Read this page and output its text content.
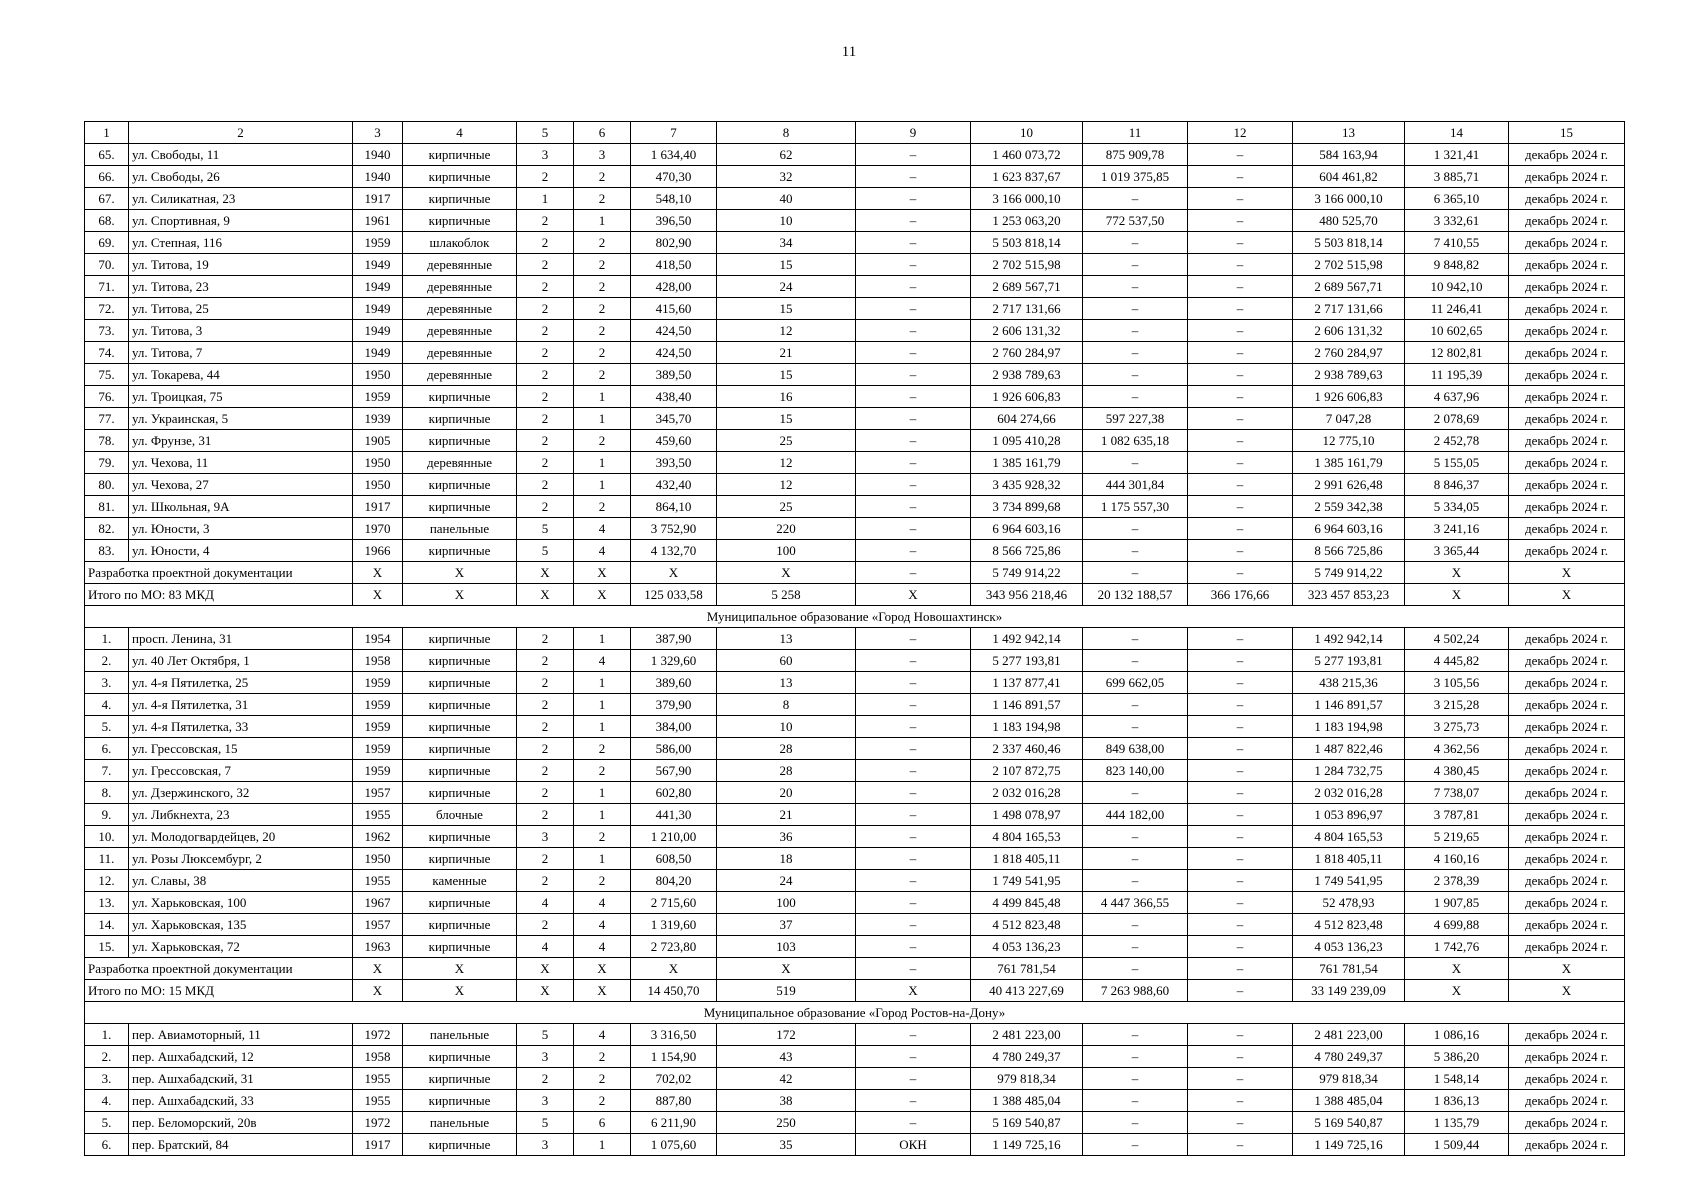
11
1	2	3	4	5	6	7	8	9	10	11	12	13	14	15
65.	ул. Свободы, 11	1940	кирпичные	3	3	1 634,40	62	–	1 460 073,72	875 909,78	–	584 163,94	1 321,41	декабрь 2024 г.
66.	ул. Свободы, 26	1940	кирпичные	2	2	470,30	32	–	1 623 837,67	1 019 375,85	–	604 461,82	3 885,71	декабрь 2024 г.
67.	ул. Силикатная, 23	1917	кирпичные	1	2	548,10	40	–	3 166 000,10	–	–	3 166 000,10	6 365,10	декабрь 2024 г.
68.	ул. Спортивная, 9	1961	кирпичные	2	1	396,50	10	–	1 253 063,20	772 537,50	–	480 525,70	3 332,61	декабрь 2024 г.
69.	ул. Степная, 116	1959	шлакоблок	2	2	802,90	34	–	5 503 818,14	–	–	5 503 818,14	7 410,55	декабрь 2024 г.
70.	ул. Титова, 19	1949	деревянные	2	2	418,50	15	–	2 702 515,98	–	–	2 702 515,98	9 848,82	декабрь 2024 г.
71.	ул. Титова, 23	1949	деревянные	2	2	428,00	24	–	2 689 567,71	–	–	2 689 567,71	10 942,10	декабрь 2024 г.
72.	ул. Титова, 25	1949	деревянные	2	2	415,60	15	–	2 717 131,66	–	–	2 717 131,66	11 246,41	декабрь 2024 г.
73.	ул. Титова, 3	1949	деревянные	2	2	424,50	12	–	2 606 131,32	–	–	2 606 131,32	10 602,65	декабрь 2024 г.
74.	ул. Титова, 7	1949	деревянные	2	2	424,50	21	–	2 760 284,97	–	–	2 760 284,97	12 802,81	декабрь 2024 г.
75.	ул. Токарева, 44	1950	деревянные	2	2	389,50	15	–	2 938 789,63	–	–	2 938 789,63	11 195,39	декабрь 2024 г.
76.	ул. Троицкая, 75	1959	кирпичные	2	1	438,40	16	–	1 926 606,83	–	–	1 926 606,83	4 637,96	декабрь 2024 г.
77.	ул. Украинская, 5	1939	кирпичные	2	1	345,70	15	–	604 274,66	597 227,38	–	7 047,28	2 078,69	декабрь 2024 г.
78.	ул. Фрунзе, 31	1905	кирпичные	2	2	459,60	25	–	1 095 410,28	1 082 635,18	–	12 775,10	2 452,78	декабрь 2024 г.
79.	ул. Чехова, 11	1950	деревянные	2	1	393,50	12	–	1 385 161,79	–	–	1 385 161,79	5 155,05	декабрь 2024 г.
80.	ул. Чехова, 27	1950	кирпичные	2	1	432,40	12	–	3 435 928,32	444 301,84	–	2 991 626,48	8 846,37	декабрь 2024 г.
81.	ул. Школьная, 9А	1917	кирпичные	2	2	864,10	25	–	3 734 899,68	1 175 557,30	–	2 559 342,38	5 334,05	декабрь 2024 г.
82.	ул. Юности, 3	1970	панельные	5	4	3 752,90	220	–	6 964 603,16	–	–	6 964 603,16	3 241,16	декабрь 2024 г.
83.	ул. Юности, 4	1966	кирпичные	5	4	4 132,70	100	–	8 566 725,86	–	–	8 566 725,86	3 365,44	декабрь 2024 г.
Разработка проектной документации		X	X	X	X	X	X	–	5 749 914,22	–	–	5 749 914,22	X	X
Итого по МО: 83 МКД		X	X	X	X	125 033,58	5 258	X	343 956 218,46	20 132 188,57	366 176,66	323 457 853,23	X	X
Муниципальное образование «Город Новошахтинск»														
1.	просп. Ленина, 31	1954	кирпичные	2	1	387,90	13	–	1 492 942,14	–	–	1 492 942,14	4 502,24	декабрь 2024 г.
2.	ул. 40 Лет Октября, 1	1958	кирпичные	2	4	1 329,60	60	–	5 277 193,81	–	–	5 277 193,81	4 445,82	декабрь 2024 г.
3.	ул. 4-я Пятилетка, 25	1959	кирпичные	2	1	389,60	13	–	1 137 877,41	699 662,05	–	438 215,36	3 105,56	декабрь 2024 г.
4.	ул. 4-я Пятилетка, 31	1959	кирпичные	2	1	379,90	8	–	1 146 891,57	–	–	1 146 891,57	3 215,28	декабрь 2024 г.
5.	ул. 4-я Пятилетка, 33	1959	кирпичные	2	1	384,00	10	–	1 183 194,98	–	–	1 183 194,98	3 275,73	декабрь 2024 г.
6.	ул. Грессовская, 15	1959	кирпичные	2	2	586,00	28	–	2 337 460,46	849 638,00	–	1 487 822,46	4 362,56	декабрь 2024 г.
7.	ул. Грессовская, 7	1959	кирпичные	2	2	567,90	28	–	2 107 872,75	823 140,00	–	1 284 732,75	4 380,45	декабрь 2024 г.
8.	ул. Дзержинского, 32	1957	кирпичные	2	1	602,80	20	–	2 032 016,28	–	–	2 032 016,28	7 738,07	декабрь 2024 г.
9.	ул. Либкнехта, 23	1955	блочные	2	1	441,30	21	–	1 498 078,97	444 182,00	–	1 053 896,97	3 787,81	декабрь 2024 г.
10.	ул. Молодогвардейцев, 20	1962	кирпичные	3	2	1 210,00	36	–	4 804 165,53	–	–	4 804 165,53	5 219,65	декабрь 2024 г.
11.	ул. Розы Люксембург, 2	1950	кирпичные	2	1	608,50	18	–	1 818 405,11	–	–	1 818 405,11	4 160,16	декабрь 2024 г.
12.	ул. Славы, 38	1955	каменные	2	2	804,20	24	–	1 749 541,95	–	–	1 749 541,95	2 378,39	декабрь 2024 г.
13.	ул. Харьковская, 100	1967	кирпичные	4	4	2 715,60	100	–	4 499 845,48	4 447 366,55	–	52 478,93	1 907,85	декабрь 2024 г.
14.	ул. Харьковская, 135	1957	кирпичные	2	4	1 319,60	37	–	4 512 823,48	–	–	4 512 823,48	4 699,88	декабрь 2024 г.
15.	ул. Харьковская, 72	1963	кирпичные	4	4	2 723,80	103	–	4 053 136,23	–	–	4 053 136,23	1 742,76	декабрь 2024 г.
Разработка проектной документации		X	X	X	X	X	X	–	761 781,54	–	–	761 781,54	X	X
Итого по МО: 15 МКД		X	X	X	X	14 450,70	519	X	40 413 227,69	7 263 988,60	–	33 149 239,09	X	X
Муниципальное образование «Город Ростов-на-Дону»														
1.	пер. Авиамоторный, 11	1972	панельные	5	4	3 316,50	172	–	2 481 223,00	–	–	2 481 223,00	1 086,16	декабрь 2024 г.
2.	пер. Ашхабадский, 12	1958	кирпичные	3	2	1 154,90	43	–	4 780 249,37	–	–	4 780 249,37	5 386,20	декабрь 2024 г.
3.	пер. Ашхабадский, 31	1955	кирпичные	2	2	702,02	42	–	979 818,34	–	–	979 818,34	1 548,14	декабрь 2024 г.
4.	пер. Ашхабадский, 33	1955	кирпичные	3	2	887,80	38	–	1 388 485,04	–	–	1 388 485,04	1 836,13	декабрь 2024 г.
5.	пер. Беломорский, 20в	1972	панельные	5	6	6 211,90	250	–	5 169 540,87	–	–	5 169 540,87	1 135,79	декабрь 2024 г.
6.	пер. Братский, 84	1917	кирпичные	3	1	1 075,60	35	ОКН	1 149 725,16	–	–	1 149 725,16	1 509,44	декабрь 2024 г.
